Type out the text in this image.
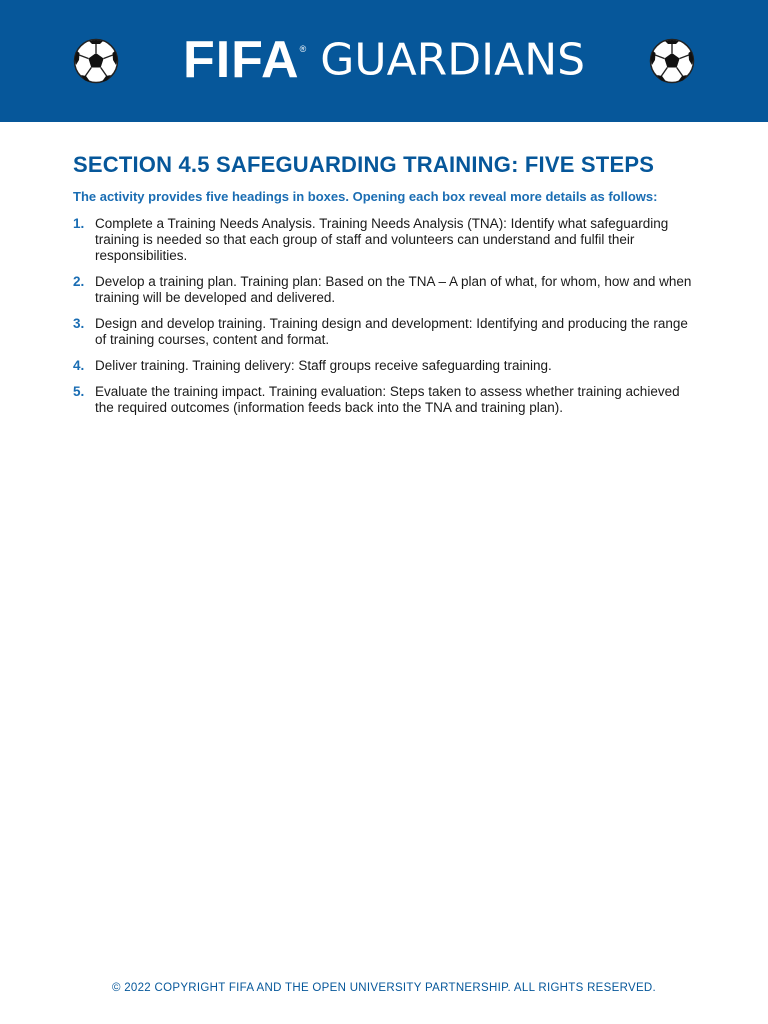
FIFA® GUARDIANS
SECTION 4.5 SAFEGUARDING TRAINING: FIVE STEPS

The activity provides five headings in boxes. Opening each box reveal more details as follows:

1. Complete a Training Needs Analysis. Training Needs Analysis (TNA): Identify what safeguarding training is needed so that each group of staff and volunteers can understand and fulfil their responsibilities.
2. Develop a training plan. Training plan: Based on the TNA – A plan of what, for whom, how and when training will be developed and delivered.
3. Design and develop training. Training design and development: Identifying and producing the range of training courses, content and format.
4. Deliver training. Training delivery: Staff groups receive safeguarding training.
5. Evaluate the training impact. Training evaluation: Steps taken to assess whether training achieved the required outcomes (information feeds back into the TNA and training plan).
© 2022 COPYRIGHT FIFA AND THE OPEN UNIVERSITY PARTNERSHIP. ALL RIGHTS RESERVED.
